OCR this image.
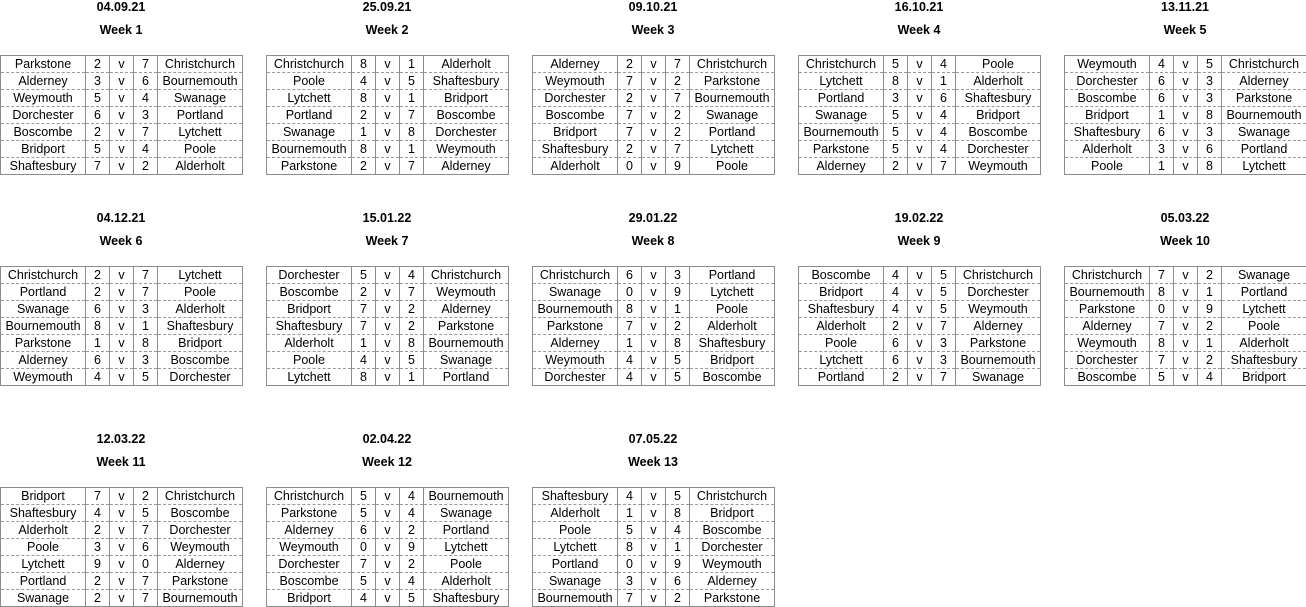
04.09.21
Week 1
Parkstone	2	v	7	Christchurch
Alderney	3	v	6	Bournemouth
Weymouth	5	v	4	Swanage
Dorchester	6	v	3	Portland
Boscombe	2	v	7	Lytchett
Bridport	5	v	4	Poole
Shaftesbury	7	v	2	Alderholt
25.09.21
Week 2
Christchurch	8	v	1	Alderholt
Poole	4	v	5	Shaftesbury
Lytchett	8	v	1	Bridport
Portland	2	v	7	Boscombe
Swanage	1	v	8	Dorchester
Bournemouth	8	v	1	Weymouth
Parkstone	2	v	7	Alderney
09.10.21
Week 3
Alderney	2	v	7	Christchurch
Weymouth	7	v	2	Parkstone
Dorchester	2	v	7	Bournemouth
Boscombe	7	v	2	Swanage
Bridport	7	v	2	Portland
Shaftesbury	2	v	7	Lytchett
Alderholt	0	v	9	Poole
16.10.21
Week 4
Christchurch	5	v	4	Poole
Lytchett	8	v	1	Alderholt
Portland	3	v	6	Shaftesbury
Swanage	5	v	4	Bridport
Bournemouth	5	v	4	Boscombe
Parkstone	5	v	4	Dorchester
Alderney	2	v	7	Weymouth
13.11.21
Week 5
Weymouth	4	v	5	Christchurch
Dorchester	6	v	3	Alderney
Boscombe	6	v	3	Parkstone
Bridport	1	v	8	Bournemouth
Shaftesbury	6	v	3	Swanage
Alderholt	3	v	6	Portland
Poole	1	v	8	Lytchett
04.12.21
Week 6
Christchurch	2	v	7	Lytchett
Portland	2	v	7	Poole
Swanage	6	v	3	Alderholt
Bournemouth	8	v	1	Shaftesbury
Parkstone	1	v	8	Bridport
Alderney	6	v	3	Boscombe
Weymouth	4	v	5	Dorchester
15.01.22
Week 7
Dorchester	5	v	4	Christchurch
Boscombe	2	v	7	Weymouth
Bridport	7	v	2	Alderney
Shaftesbury	7	v	2	Parkstone
Alderholt	1	v	8	Bournemouth
Poole	4	v	5	Swanage
Lytchett	8	v	1	Portland
29.01.22
Week 8
Christchurch	6	v	3	Portland
Swanage	0	v	9	Lytchett
Bournemouth	8	v	1	Poole
Parkstone	7	v	2	Alderholt
Alderney	1	v	8	Shaftesbury
Weymouth	4	v	5	Bridport
Dorchester	4	v	5	Boscombe
19.02.22
Week 9
Boscombe	4	v	5	Christchurch
Bridport	4	v	5	Dorchester
Shaftesbury	4	v	5	Weymouth
Alderholt	2	v	7	Alderney
Poole	6	v	3	Parkstone
Lytchett	6	v	3	Bournemouth
Portland	2	v	7	Swanage
05.03.22
Week 10
Christchurch	7	v	2	Swanage
Bournemouth	8	v	1	Portland
Parkstone	0	v	9	Lytchett
Alderney	7	v	2	Poole
Weymouth	8	v	1	Alderholt
Dorchester	7	v	2	Shaftesbury
Boscombe	5	v	4	Bridport
12.03.22
Week 11
Bridport	7	v	2	Christchurch
Shaftesbury	4	v	5	Boscombe
Alderholt	2	v	7	Dorchester
Poole	3	v	6	Weymouth
Lytchett	9	v	0	Alderney
Portland	2	v	7	Parkstone
Swanage	2	v	7	Bournemouth
02.04.22
Week 12
Christchurch	5	v	4	Bournemouth
Parkstone	5	v	4	Swanage
Alderney	6	v	2	Portland
Weymouth	0	v	9	Lytchett
Dorchester	7	v	2	Poole
Boscombe	5	v	4	Alderholt
Bridport	4	v	5	Shaftesbury
07.05.22
Week 13
Shaftesbury	4	v	5	Christchurch
Alderholt	1	v	8	Bridport
Poole	5	v	4	Boscombe
Lytchett	8	v	1	Dorchester
Portland	0	v	9	Weymouth
Swanage	3	v	6	Alderney
Bournemouth	7	v	2	Parkstone
